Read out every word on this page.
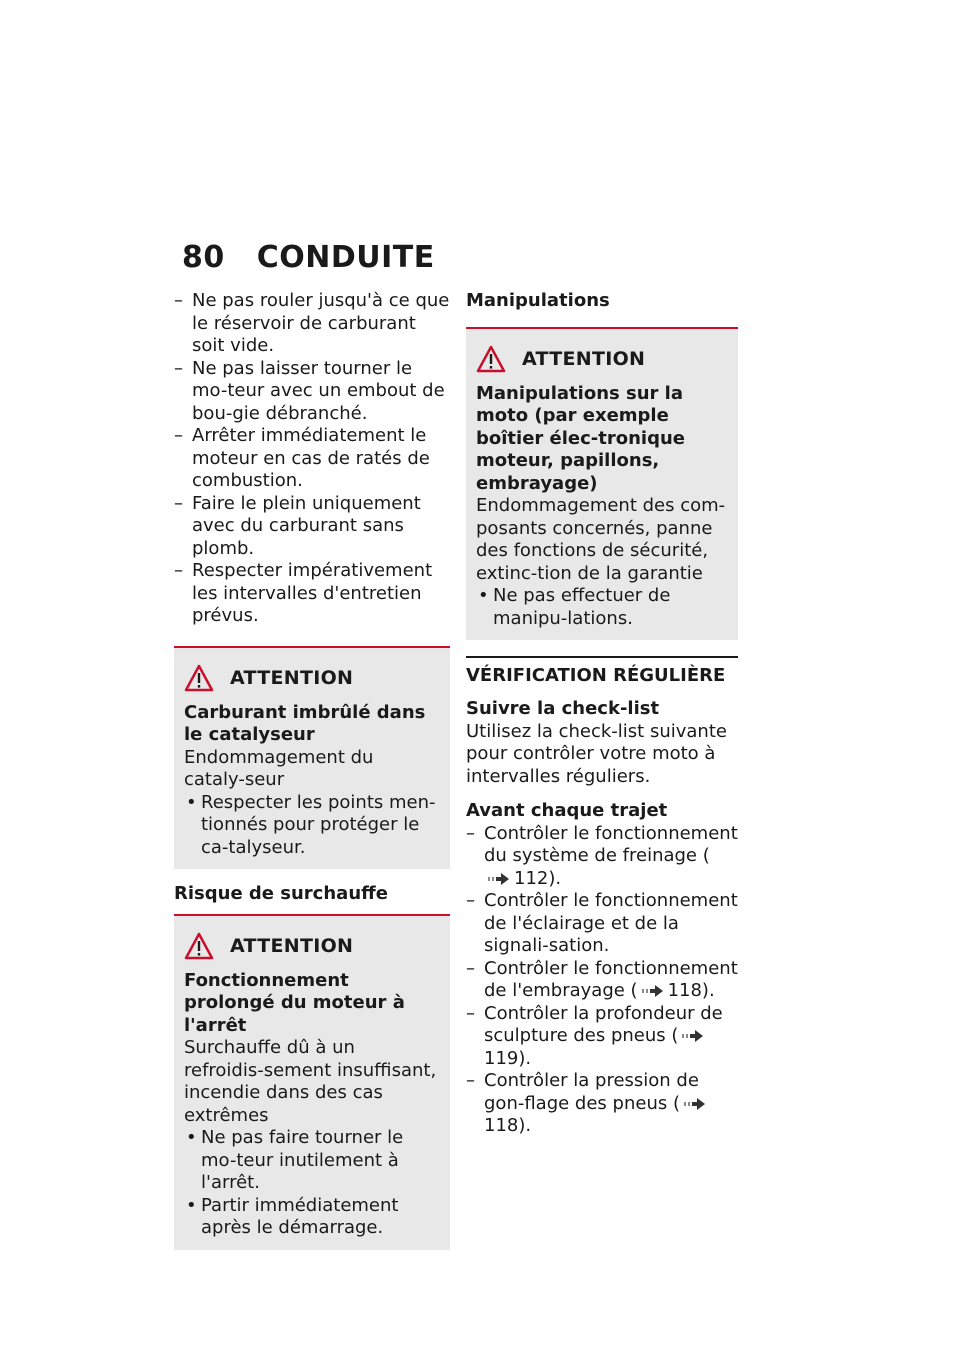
80 CONDUITE
– Ne pas rouler jusqu'à ce que le réservoir de carburant soit vide.
– Ne pas laisser tourner le mo-teur avec un embout de bou-gie débranché.
– Arrêter immédiatement le moteur en cas de ratés de combustion.
– Faire le plein uniquement avec du carburant sans plomb.
– Respecter impérativement les intervalles d'entretien prévus.
ATTENTION
Carburant imbrûlé dans le catalyseur
Endommagement du cataly-seur
• Respecter les points men-tionnés pour protéger le ca-talyseur.
Risque de surchauffe
ATTENTION
Fonctionnement prolongé du moteur à l'arrêt
Surchauffe dû à un refroidis-sement insuffisant, incendie dans des cas extrêmes
• Ne pas faire tourner le mo-teur inutilement à l'arrêt.
• Partir immédiatement après le démarrage.
Manipulations
ATTENTION
Manipulations sur la moto (par exemple boîtier élec-tronique moteur, papillons, embrayage)
Endommagement des com-posants concernés, panne des fonctions de sécurité, extinc-tion de la garantie
• Ne pas effectuer de manipu-lations.
VÉRIFICATION RÉGULIÈRE
Suivre la check-list
Utilisez la check-list suivante pour contrôler votre moto à intervalles réguliers.
Avant chaque trajet
– Contrôler le fonctionnement du système de freinage (
112).
– Contrôler le fonctionnement de l'éclairage et de la signali-sation.
– Contrôler le fonctionnement de l'embrayage ( 118).
– Contrôler la profondeur de sculpture des pneus (
119).
– Contrôler la pression de gon-flage des pneus (
118).
